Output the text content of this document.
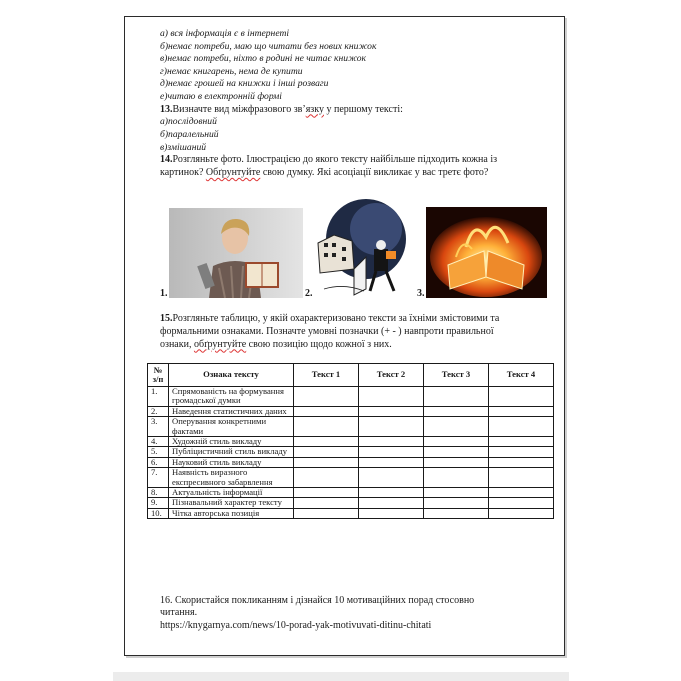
а) вся інформація є в інтернеті
б)немає потреби, маю що читати без нових книжок
в)немає потреби, ніхто в родині не читає книжок
г)немає книгарень, нема де купити
д)немає грошей на книжки і інші розваги
е)читаю в електронній формі
13.Визначте вид міжфразового зв’язку у першому тексті:
а)послідовний
б)паралельний
в)змішаний
14.Розгляньте фото. Ілюстрацією до якого тексту найбільше підходить кожна із
картинок? Обґрунтуйте свою думку. Які асоціації викликає у вас третє фото?
1.	2.	3.
15.Розгляньте таблицю, у якій охарактеризовано тексти за їхніми змістовими та
формальними ознаками. Позначте умовні позначки (+ - ) навпроти правильної
ознаки, обґрунтуйте свою позицію щодо кожної з них.
№ з/п	Ознака тексту	Текст 1	Текст 2	Текст 3	Текст 4
1.	Спрямованість на формування громадської думки				
2.	Наведення статистичних даних				
3.	Оперування конкретними фактами				
4.	Художній стиль викладу				
5.	Публіцистичний стиль викладу				
6.	Науковий стиль викладу				
7.	Наявність виразного експресивного забарвлення				
8.	Актуальність інформації				
9.	Пізнавальний характер тексту				
10.	Чітка авторська позиція				
16. Скористайся покликанням і дізнайся 10 мотиваційних порад стосовно
читання.
https://knygarnya.com/news/10-porad-yak-motivuvati-ditinu-chitati
